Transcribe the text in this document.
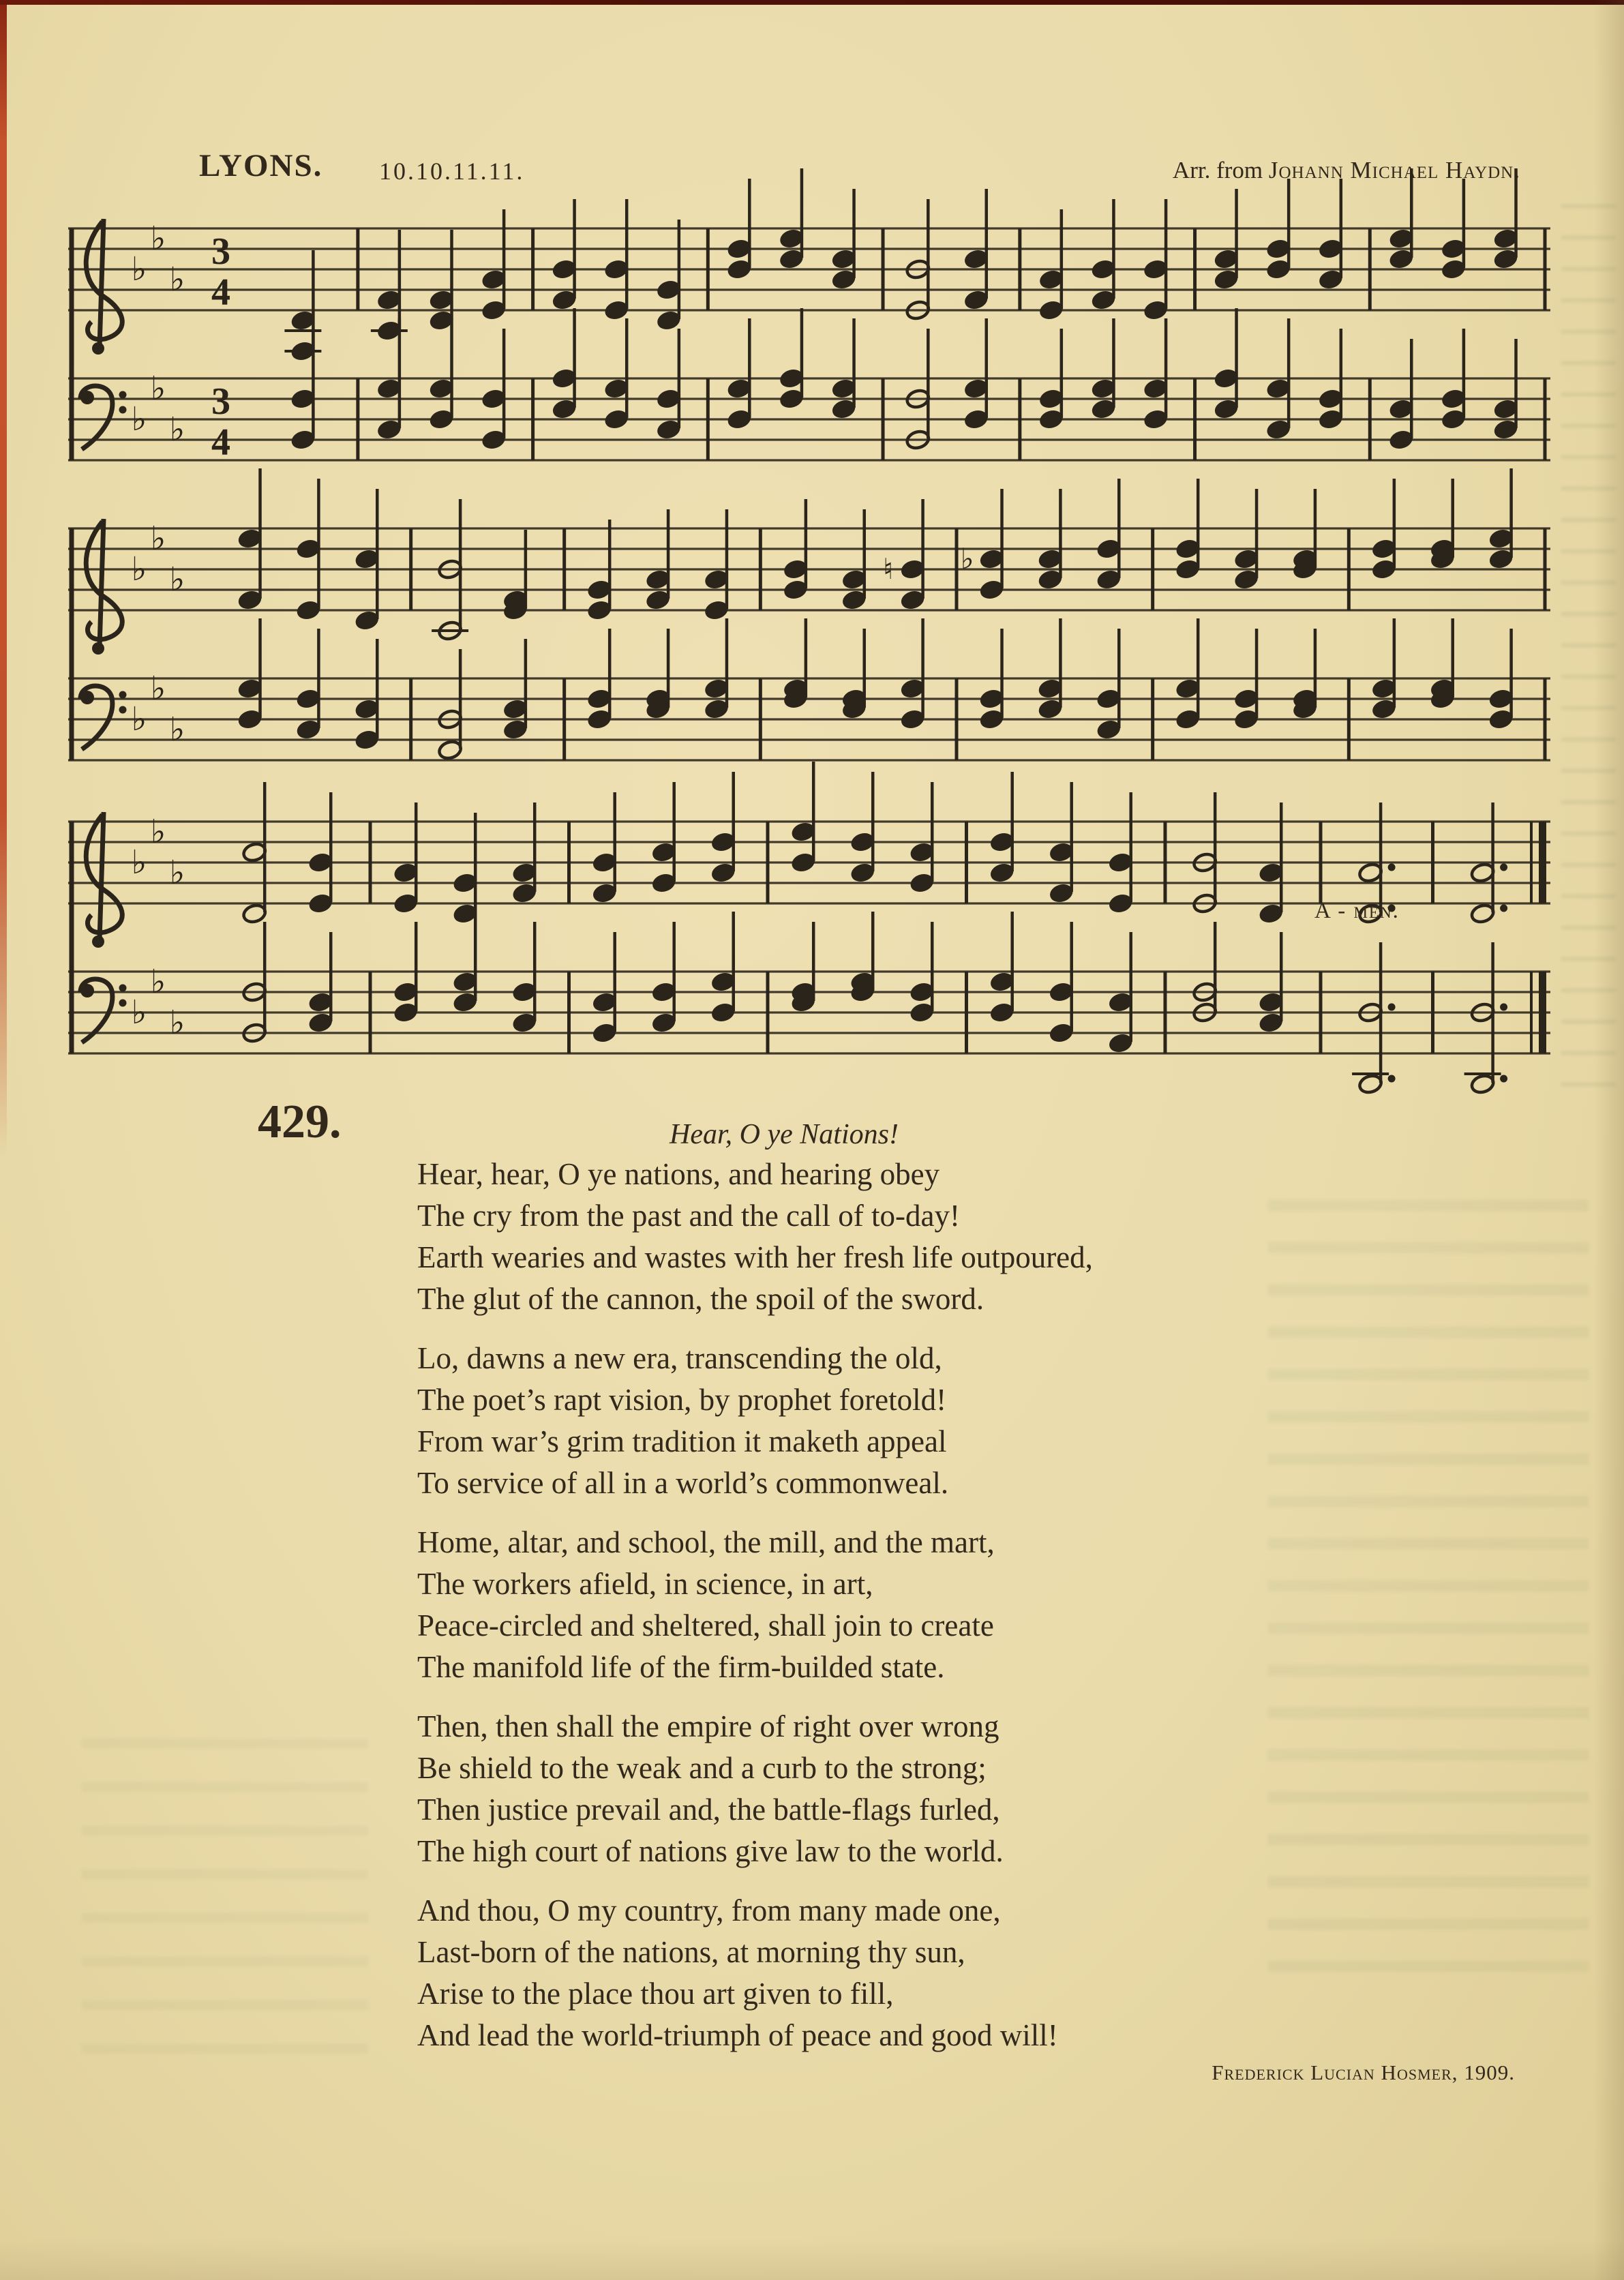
LYONS. 10.10.11.11.	Arr. from Johann Michael Haydn.
♭
♭
♭
♭
♭
♭
3
4
3
4
♭
♭
♭
♭
♭
♭
♮ ♭
♭
♭
♭
♭
♭
♭
A - men.
429.	Hear, O ye Nations!
Hear, hear, O ye nations, and hearing obey
The cry from the past and the call of to-day!
Earth wearies and wastes with her fresh life outpoured,
The glut of the cannon, the spoil of the sword.
Lo, dawns a new era, transcending the old,
The poet’s rapt vision, by prophet foretold!
From war’s grim tradition it maketh appeal
To service of all in a world’s commonweal.
Home, altar, and school, the mill, and the mart,
The workers afield, in science, in art,
Peace-circled and sheltered, shall join to create
The manifold life of the firm-builded state.
Then, then shall the empire of right over wrong
Be shield to the weak and a curb to the strong;
Then justice prevail and, the battle-flags furled,
The high court of nations give law to the world.
And thou, O my country, from many made one,
Last-born of the nations, at morning thy sun,
Arise to the place thou art given to fill,
And lead the world-triumph of peace and good will!
Frederick Lucian Hosmer, 1909.
